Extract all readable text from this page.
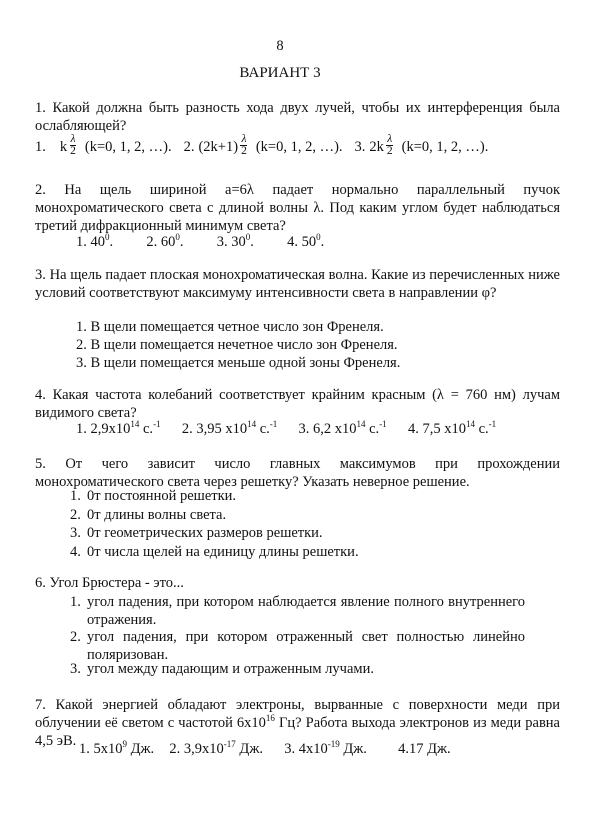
8
ВАРИАНТ 3
1. Какой должна быть разность хода двух лучей, чтобы их интерференция была ослабляющей?
1. k $\frac{\lambda}{2} (k=0$, 1, 2, …). 2. $(2k+1) \frac{\lambda}{2} (k=0$, 1, 2, …). 3. $2k \frac{\lambda}{2} (k=0$, 1, 2, …).
2. На щель шириной a=6λ падает нормально параллельный пучок монохроматического света с длиной волны λ. Под каким углом будет наблюдаться третий дифракционный минимум света?
1. $40^0$. 2. $60^0$. 3. $30^0$. 4. $50^0$.
3. На щель падает плоская монохроматическая волна. Какие из перечисленных ниже условий соответствуют максимуму интенсивности света в направлении φ?
1. В щели помещается четное число зон Френеля.
2. В щели помещается нечетное число зон Френеля.
3. В щели помещается меньше одной зоны Френеля.
4. Какая частота колебаний соответствует крайним красным (λ = 760 нм) лучам видимого света?
1. $2,9x10^{14}$ с.$^{-1}$ 2. 3,95 $x10^{14}$ с.$^{-1}$ 3. 6,2 $x10^{14}$ с.$^{-1}$ 4. 7,5 $x10^{14}$ с.$^{-1}$
5. От чего зависит число главных максимумов при прохождении монохроматического света через решетку? Указать неверное решение.
1. 0т постоянной решетки.
2. 0т длины волны света.
3. 0т геометрических размеров решетки.
4. 0т числа щелей на единицу длины решетки.
6. Угол Брюстера - это...
1. угол падения, при котором наблюдается явление полного внутреннего отражения.
2. угол падения, при котором отраженный свет полностью линейно поляризован.
3. угол между падающим и отраженным лучами.
7. Какой энергией обладают электроны, вырванные с поверхности меди при облучении её светом с частотой $6x10^{16}$ Гц? Работа выхода электронов из меди равна 4,5 эВ. 1. $5x10^9$ Дж. 2. $3,9x10^{-17}$ Дж. 3. $4x10^{-19}$ Дж. 4.17 Дж.
